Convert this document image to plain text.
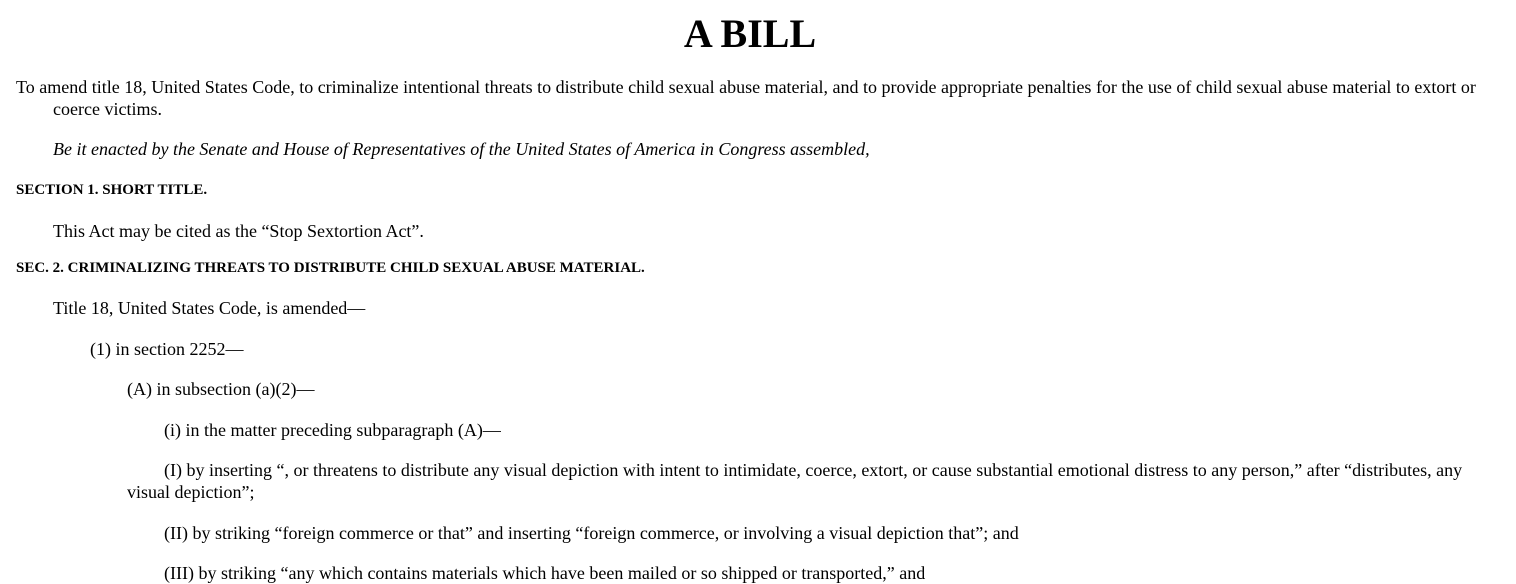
A BILL

To amend title 18, United States Code, to criminalize intentional threats to distribute child sexual abuse material, and to provide appropriate penalties for the use of child sexual abuse material to extort or coerce victims.

Be it enacted by the Senate and House of Representatives of the United States of America in Congress assembled,

SECTION 1. SHORT TITLE.

This Act may be cited as the “Stop Sextortion Act”.

SEC. 2. CRIMINALIZING THREATS TO DISTRIBUTE CHILD SEXUAL ABUSE MATERIAL.

Title 18, United States Code, is amended—

(1) in section 2252—

(A) in subsection (a)(2)—

(i) in the matter preceding subparagraph (A)—

(I) by inserting “, or threatens to distribute any visual depiction with intent to intimidate, coerce, extort, or cause substantial emotional distress to any person,” after “distributes, any visual depiction”;

(II) by striking “foreign commerce or that” and inserting “foreign commerce, or involving a visual depiction that”; and

(III) by striking “any which contains materials which have been mailed or so shipped or transported,” and
